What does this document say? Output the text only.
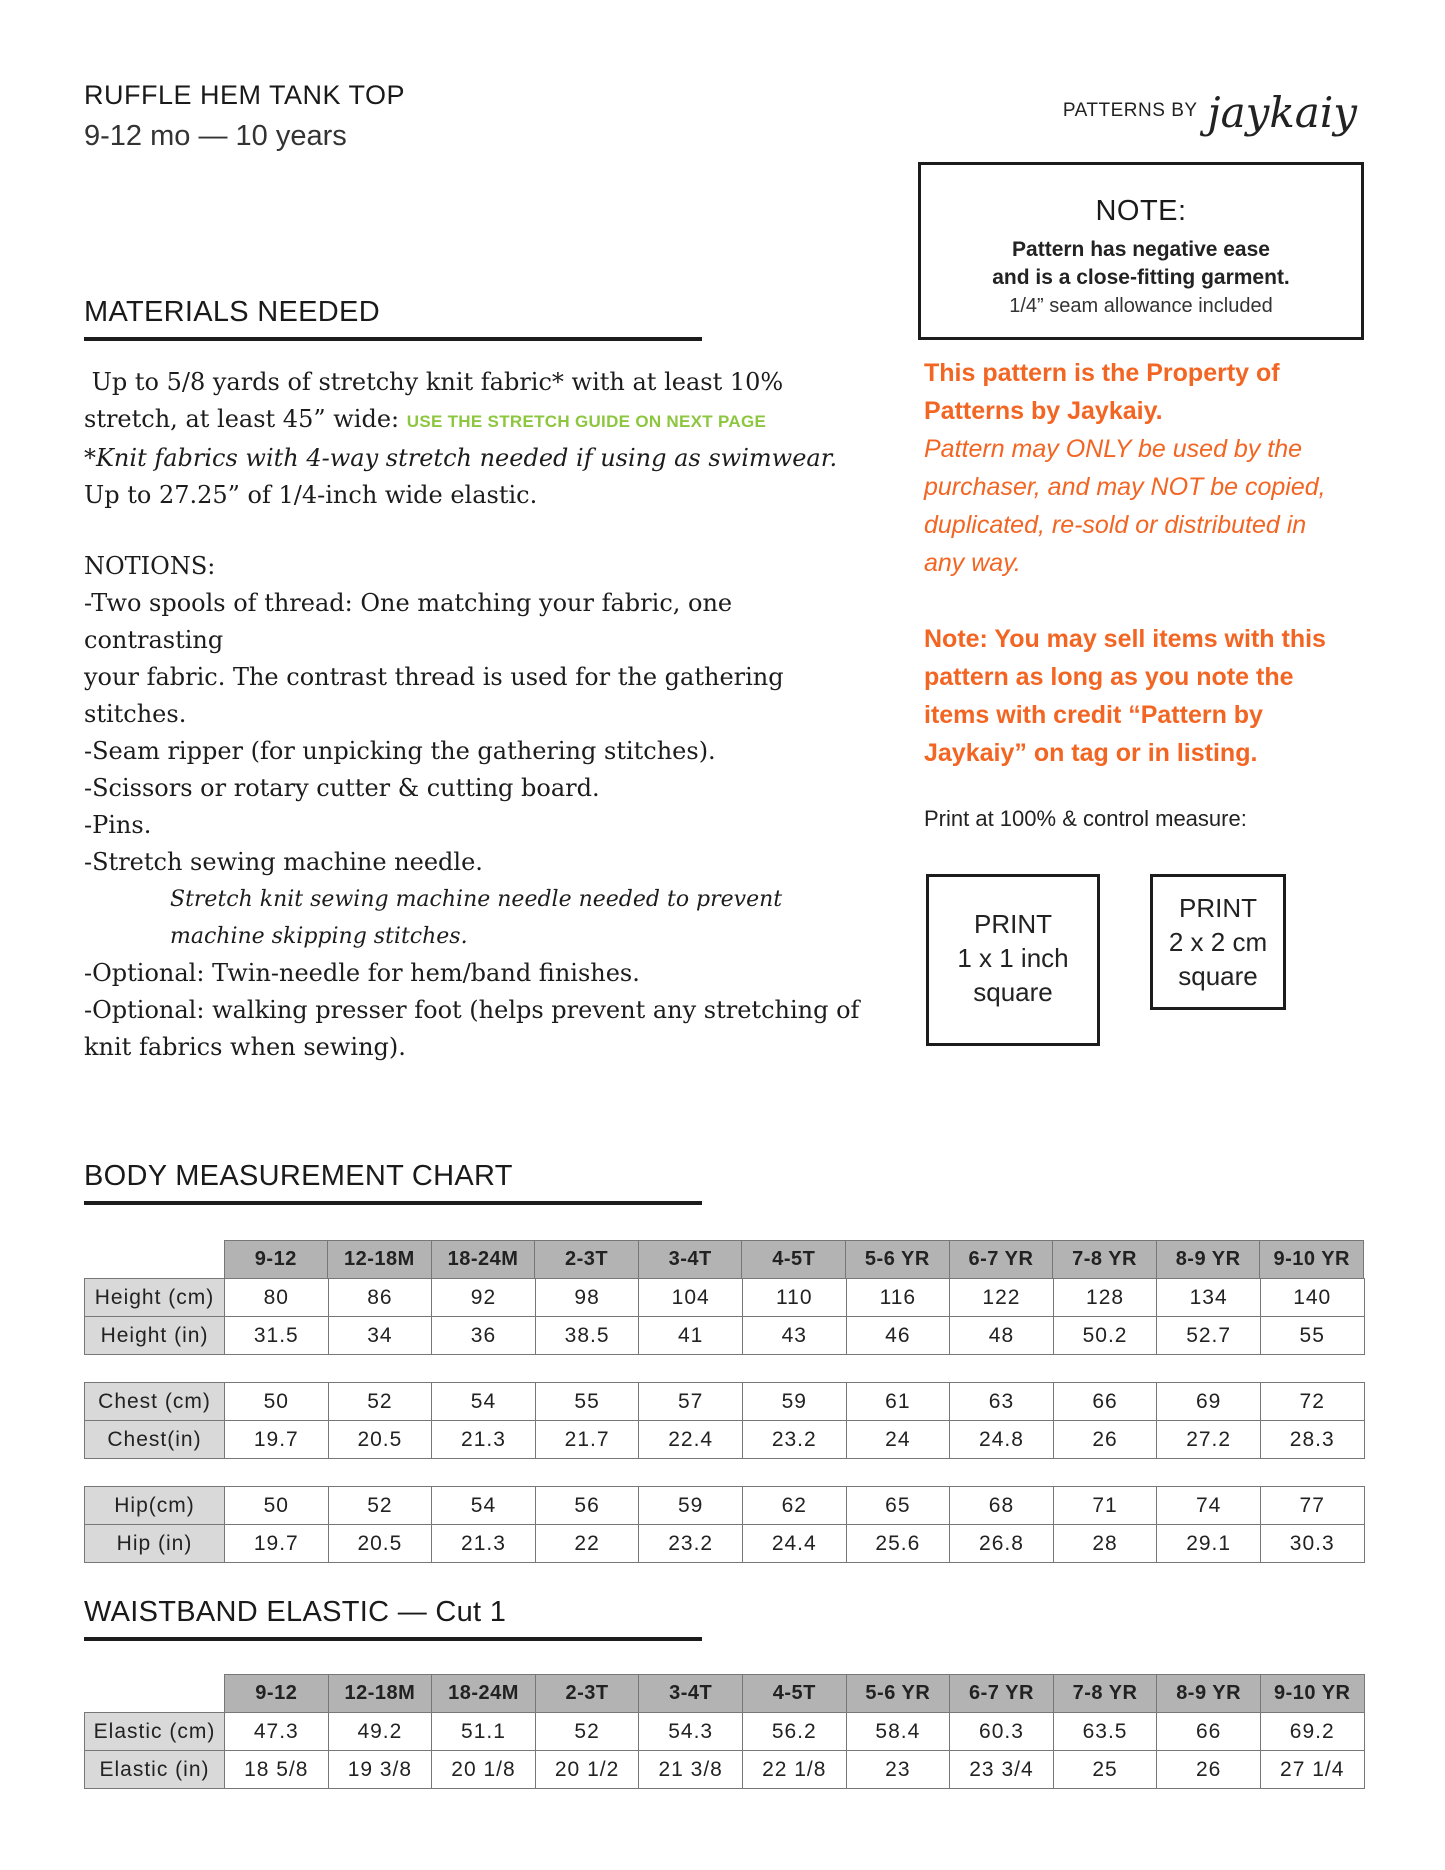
RUFFLE HEM TANK TOP
9-12 mo — 10 years
PATTERNS BY jaykaiy
NOTE:
Pattern has negative ease
and is a close-fitting garment.
1/4” seam allowance included
MATERIALS NEEDED
Up to 5/8 yards of stretchy knit fabric* with at least 10%
stretch, at least 45” wide: USE THE STRETCH GUIDE ON NEXT PAGE
*Knit fabrics with 4-way stretch needed if using as swimwear.
Up to 27.25” of 1/4-inch wide elastic.
NOTIONS:
-Two spools of thread: One matching your fabric, one contrasting
your fabric. The contrast thread is used for the gathering stitches.
-Seam ripper (for unpicking the gathering stitches).
-Scissors or rotary cutter & cutting board.
-Pins.
-Stretch sewing machine needle.
Stretch knit sewing machine needle needed to prevent
machine skipping stitches.
-Optional: Twin-needle for hem/band finishes.
-Optional: walking presser foot (helps prevent any stretching of
knit fabrics when sewing).
This pattern is the Property of
Patterns by Jaykaiy.
Pattern may ONLY be used by the
purchaser, and may NOT be copied,
duplicated, re-sold or distributed in
any way.
Note: You may sell items with this
pattern as long as you note the
items with credit “Pattern by
Jaykaiy” on tag or in listing.
Print at 100% & control measure:
PRINT
1 x 1 inch
square
PRINT
2 x 2 cm
square
BODY MEASUREMENT CHART
	9-12	12-18M	18-24M	2-3T	3-4T	4-5T	5-6 YR	6-7 YR	7-8 YR	8-9 YR	9-10 YR
Height (cm)	80	86	92	98	104	110	116	122	128	134	140
Height (in)	31.5	34	36	38.5	41	43	46	48	50.2	52.7	55
Chest (cm)	50	52	54	55	57	59	61	63	66	69	72
Chest(in)	19.7	20.5	21.3	21.7	22.4	23.2	24	24.8	26	27.2	28.3
Hip(cm)	50	52	54	56	59	62	65	68	71	74	77
Hip (in)	19.7	20.5	21.3	22	23.2	24.4	25.6	26.8	28	29.1	30.3
WAISTBAND ELASTIC — Cut 1
	9-12	12-18M	18-24M	2-3T	3-4T	4-5T	5-6 YR	6-7 YR	7-8 YR	8-9 YR	9-10 YR
Elastic (cm)	47.3	49.2	51.1	52	54.3	56.2	58.4	60.3	63.5	66	69.2
Elastic (in)	18 5/8	19 3/8	20 1/8	20 1/2	21 3/8	22 1/8	23	23 3/4	25	26	27 1/4
